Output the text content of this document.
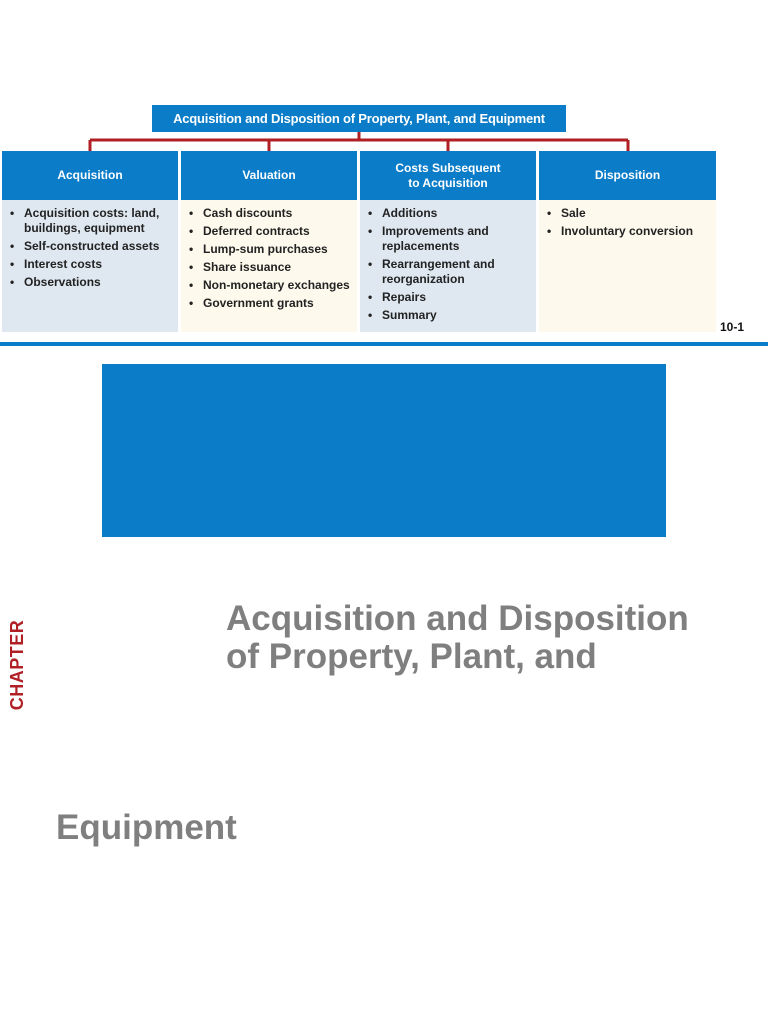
Acquisition and Disposition of Property, Plant, and Equipment
Acquisition
• Acquisition costs: land, buildings, equipment
• Self-constructed assets
• Interest costs
• Observations
Valuation
• Cash discounts
• Deferred contracts
• Lump-sum purchases
• Share issuance
• Non-monetary exchanges
• Government grants
Costs Subsequent
to Acquisition
• Additions
• Improvements and replacements
• Rearrangement and reorganization
• Repairs
• Summary
Disposition
• Sale
• Involuntary conversion
10-1
CHAPTER
Acquisition and Disposition
of Property, Plant, and
Equipment
